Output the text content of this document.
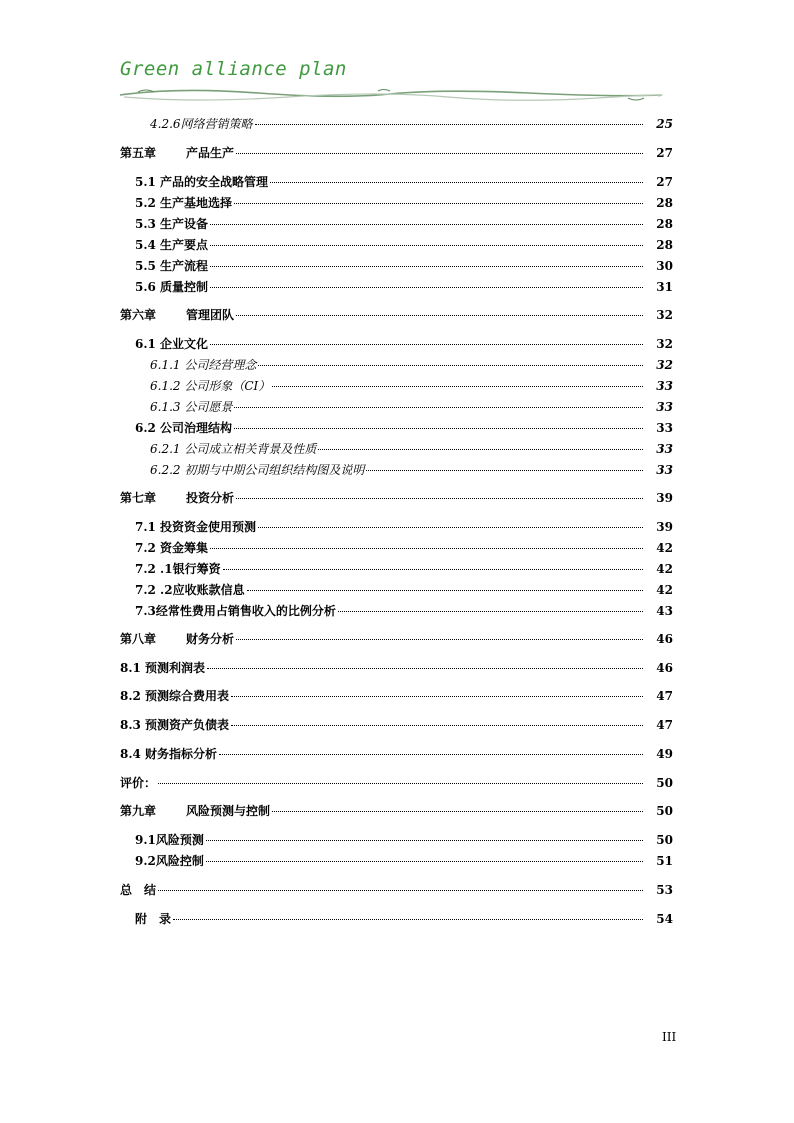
Green alliance plan
4.2.6网络营销策略	25
第五章 产品生产	27
5.1 产品的安全战略管理	27
5.2 生产基地选择	28
5.3 生产设备	28
5.4 生产要点	28
5.5 生产流程	30
5.6 质量控制	31
第六章 管理团队	32
6.1 企业文化	32
6.1.1 公司经营理念	32
6.1.2 公司形象（CI）	33
6.1.3 公司愿景	33
6.2 公司治理结构	33
6.2.1 公司成立相关背景及性质	33
6.2.2 初期与中期公司组织结构图及说明	33
第七章 投资分析	39
7.1 投资资金使用预测	39
7.2 资金筹集	42
7.2 .1银行筹资	42
7.2 .2应收账款信息	42
7.3经常性费用占销售收入的比例分析	43
第八章 财务分析	46
8.1 预测利润表	46
8.2 预测综合费用表	47
8.3 预测资产负债表	47
8.4 财务指标分析	49
评价：	50
第九章 风险预测与控制	50
9.1风险预测	50
9.2风险控制	51
总　结	53
附　录	54
III
